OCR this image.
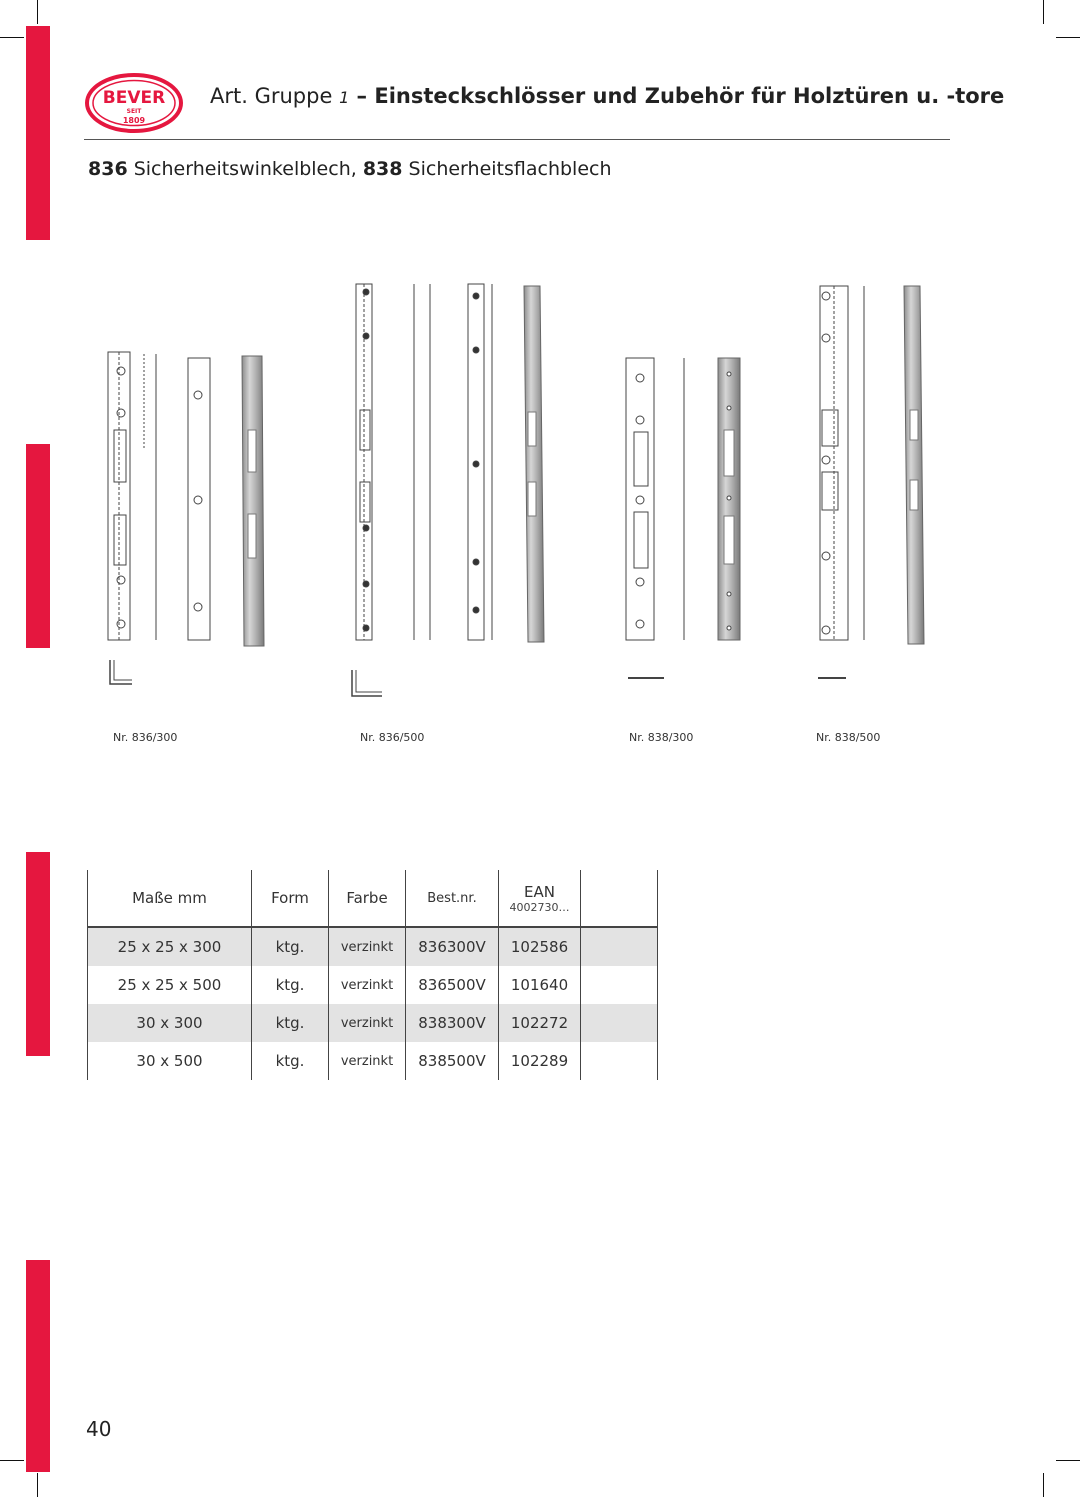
BEVER
SEIT
1809
Art. Gruppe 1 – Einsteckschlösser und Zubehör für Holztüren u. -tore
836 Sicherheitswinkelblech, 838 Sicherheitsflachblech
Nr. 836/300	Nr. 836/500	Nr. 838/300	Nr. 838/500
Maße mm	Form	Farbe	Best.nr.	EAN
4002730…	

25 x 25 x 300	ktg.	verzinkt	836300V	102586	
25 x 25 x 500	ktg.	verzinkt	836500V	101640	
30 x 300	ktg.	verzinkt	838300V	102272	
30 x 500	ktg.	verzinkt	838500V	102289	
40
